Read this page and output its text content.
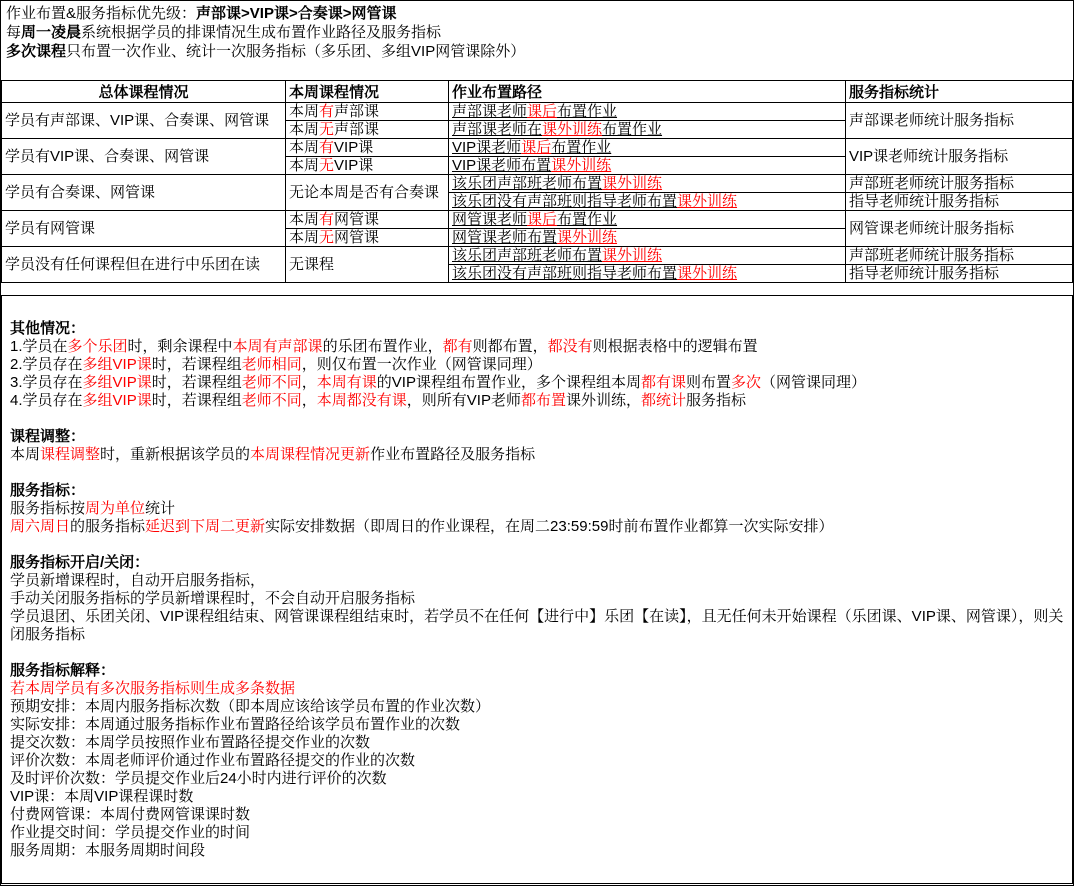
作业布置&服务指标优先级：声部课>VIP课>合奏课>网管课
每周一凌晨系统根据学员的排课情况生成布置作业路径及服务指标
多次课程只布置一次作业、统计一次服务指标（多乐团、多组VIP网管课除外）
总体课程情况	本周课程情况	作业布置路径	服务指标统计
学员有声部课、VIP课、合奏课、网管课	本周有声部课	声部课老师课后布置作业	声部课老师统计服务指标
	本周无声部课	声部课老师在课外训练布置作业	
学员有VIP课、合奏课、网管课	本周有VIP课	VIP课老师课后布置作业	VIP课老师统计服务指标
	本周无VIP课	VIP课老师布置课外训练	
学员有合奏课、网管课	无论本周是否有合奏课	该乐团声部班老师布置课外训练	声部班老师统计服务指标
		该乐团没有声部班则指导老师布置课外训练	指导老师统计服务指标
学员有网管课	本周有网管课	网管课老师课后布置作业	网管课老师统计服务指标
	本周无网管课	网管课老师布置课外训练	
学员没有任何课程但在进行中乐团在读	无课程	该乐团声部班老师布置课外训练	声部班老师统计服务指标
		该乐团没有声部班则指导老师布置课外训练	指导老师统计服务指标
其他情况：
1.学员在多个乐团时，剩余课程中本周有声部课的乐团布置作业，都有则都布置，都没有则根据表格中的逻辑布置
2.学员存在多组VIP课时，若课程组老师相同，则仅布置一次作业（网管课同理）
3.学员存在多组VIP课时，若课程组老师不同，本周有课的VIP课程组布置作业，多个课程组本周都有课则布置多次（网管课同理）
4.学员存在多组VIP课时，若课程组老师不同，本周都没有课，则所有VIP老师都布置课外训练，都统计服务指标
课程调整：
本周课程调整时，重新根据该学员的本周课程情况更新作业布置路径及服务指标
服务指标：
服务指标按周为单位统计
周六周日的服务指标延迟到下周二更新实际安排数据（即周日的作业课程，在周二23:59:59时前布置作业都算一次实际安排）
服务指标开启/关闭：
学员新增课程时，自动开启服务指标，
手动关闭服务指标的学员新增课程时，不会自动开启服务指标
学员退团、乐团关闭、VIP课程组结束、网管课课程组结束时，若学员不在任何【进行中】乐团【在读】，且无任何未开始课程（乐团课、VIP课、网管课），则关闭服务指标
服务指标解释：
若本周学员有多次服务指标则生成多条数据
预期安排：本周内服务指标次数（即本周应该给该学员布置的作业次数）
实际安排：本周通过服务指标作业布置路径给该学员布置作业的次数
提交次数：本周学员按照作业布置路径提交作业的次数
评价次数：本周老师评价通过作业布置路径提交的作业的次数
及时评价次数：学员提交作业后24小时内进行评价的次数
VIP课：本周VIP课程课时数
付费网管课：本周付费网管课课时数
作业提交时间：学员提交作业的时间
服务周期：本服务周期时间段
